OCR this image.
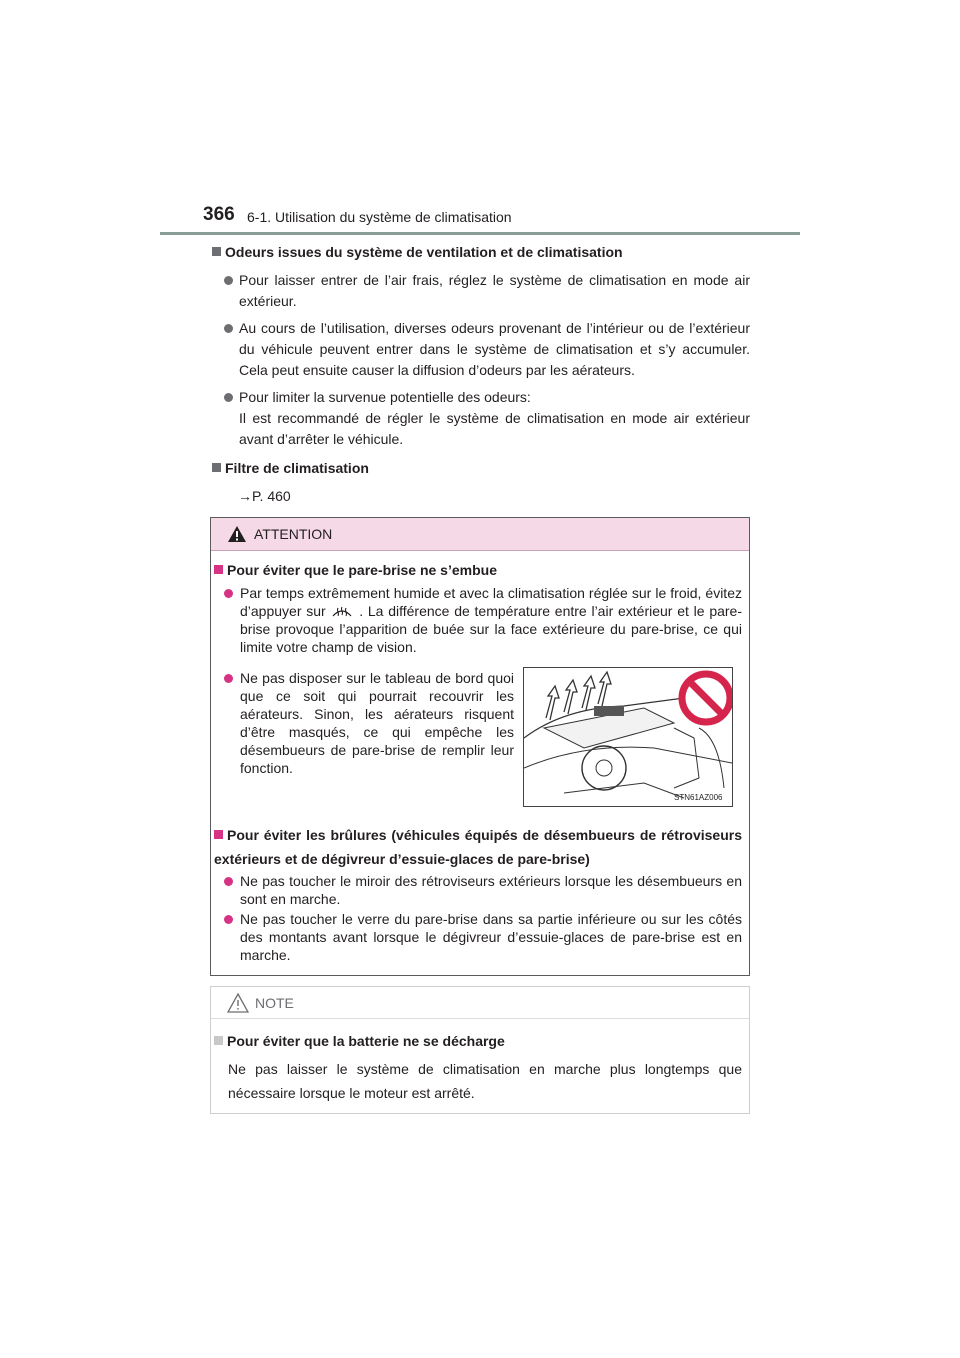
366 6-1. Utilisation du système de climatisation
Odeurs issues du système de ventilation et de climatisation
Pour laisser entrer de l’air frais, réglez le système de climatisation en mode air extérieur.
Au cours de l’utilisation, diverses odeurs provenant de l’intérieur ou de l’extérieur du véhicule peuvent entrer dans le système de climatisation et s’y accumuler. Cela peut ensuite causer la diffusion d’odeurs par les aérateurs.
Pour limiter la survenue potentielle des odeurs:
Il est recommandé de régler le système de climatisation en mode air extérieur avant d’arrêter le véhicule.
Filtre de climatisation
→P. 460
ATTENTION
Pour éviter que le pare-brise ne s’embue
Par temps extrêmement humide et avec la climatisation réglée sur le froid, évitez d’appuyer sur . La différence de température entre l’air extérieur et le pare-brise provoque l’apparition de buée sur la face extérieure du pare-brise, ce qui limite votre champ de vision.
Ne pas disposer sur le tableau de bord quoi que ce soit qui pourrait recouvrir les aérateurs. Sinon, les aérateurs risquent d’être masqués, ce qui empêche les désembueurs de pare-brise de remplir leur fonction.
Pour éviter les brûlures (véhicules équipés de désembueurs de rétroviseurs extérieurs et de dégivreur d’essuie-glaces de pare-brise)
Ne pas toucher le miroir des rétroviseurs extérieurs lorsque les désembueurs en sont en marche.
Ne pas toucher le verre du pare-brise dans sa partie inférieure ou sur les côtés des montants avant lorsque le dégivreur d’essuie-glaces de pare-brise est en marche.
STN61AZ006
NOTE
Pour éviter que la batterie ne se décharge
Ne pas laisser le système de climatisation en marche plus longtemps que nécessaire lorsque le moteur est arrêté.
